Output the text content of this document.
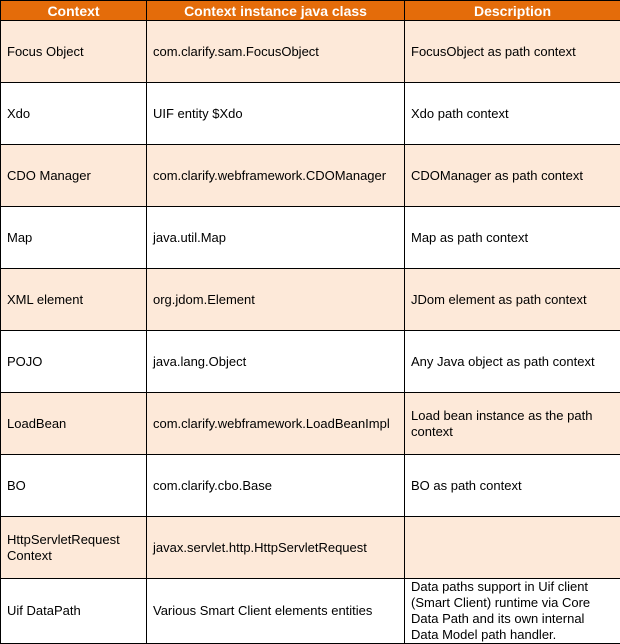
Context	Context instance java class	Description
Focus Object	com.clarify.sam.FocusObject	FocusObject as path context
Xdo	UIF entity $Xdo	Xdo path context
CDO Manager	com.clarify.webframework.CDOManager	CDOManager as path context
Map	java.util.Map	Map as path context
XML element	org.jdom.Element	JDom element as path context
POJO	java.lang.Object	Any Java object as path context
LoadBean	com.clarify.webframework.LoadBeanImpl	Load bean instance as the path context
BO	com.clarify.cbo.Base	BO as path context
HttpServletRequest Context	javax.servlet.http.HttpServletRequest	
Uif DataPath	Various Smart Client elements entities	Data paths support in Uif client (Smart Client) runtime via Core Data Path and its own internal Data Model path handler.
